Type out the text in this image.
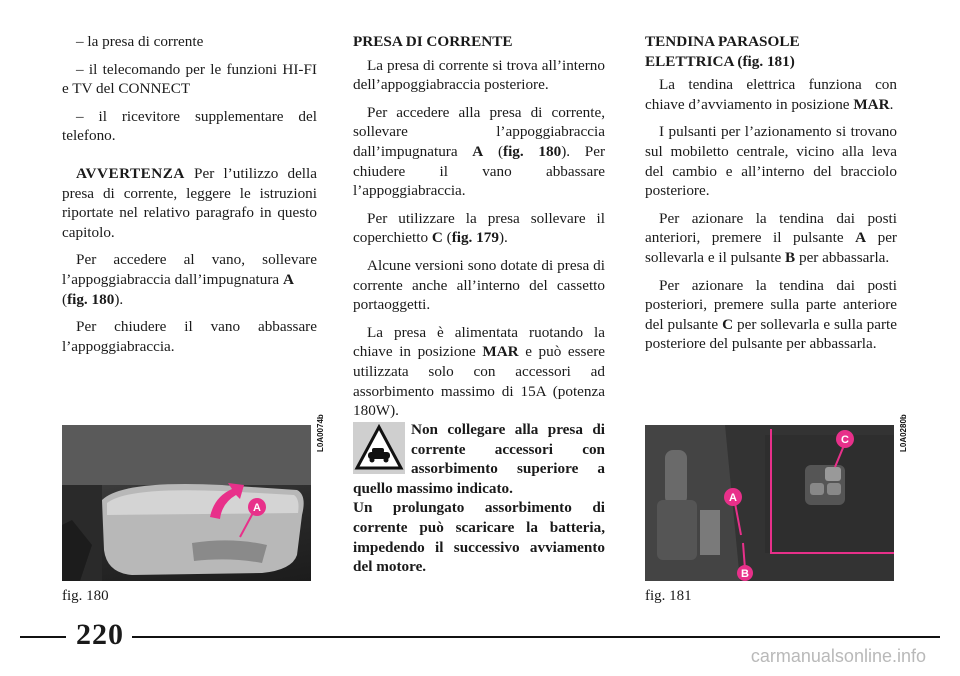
– la presa di corrente

– il telecomando per le funzioni HI-FI e TV del CONNECT

– il ricevitore supplementare del telefono.

AVVERTENZA Per l’utilizzo della presa di corrente, leggere le istruzioni riportate nel relativo paragrafo in questo capitolo.

Per accedere al vano, sollevare l’appoggiabraccia dall’impugnatura A
(fig. 180).

Per chiudere il vano abbassare l’appoggiabraccia.

PRESA DI CORRENTE

La presa di corrente si trova all’interno dell’appoggiabraccia posteriore.

Per accedere alla presa di corrente, sollevare l’appoggiabraccia dall’impugnatura A (fig. 180). Per chiudere il vano abbassare l’appoggiabraccia.

Per utilizzare la presa sollevare il coperchietto C (fig. 179).

Alcune versioni sono dotate di presa di corrente anche all’interno del cassetto portaoggetti.

La presa è alimentata ruotando la chiave in posizione MAR e può essere utilizzata solo con accessori ad assorbimento massimo di 15A (potenza 180W).

Non collegare alla presa di corrente accessori con assorbimento superiore a quello massimo indicato.

Un prolungato assorbimento di corrente può scaricare la batteria, impedendo il successivo avviamento del motore.

TENDINA PARASOLE
ELETTRICA (fig. 181)

La tendina elettrica funziona con chiave d’avviamento in posizione MAR.

I pulsanti per l’azionamento si trovano sul mobiletto centrale, vicino alla leva del cambio e all’interno del bracciolo posteriore.

Per azionare la tendina dai posti anteriori, premere il pulsante A per sollevarla e il pulsante B per abbassarla.

Per azionare la tendina dai posti posteriori, premere sulla parte anteriore del pulsante C per sollevarla e sulla parte posteriore del pulsante per abbassarla.

A
L0A0074b
fig. 180
C
A
B
L0A0280b
fig. 181
220
carmanualsonline.info
